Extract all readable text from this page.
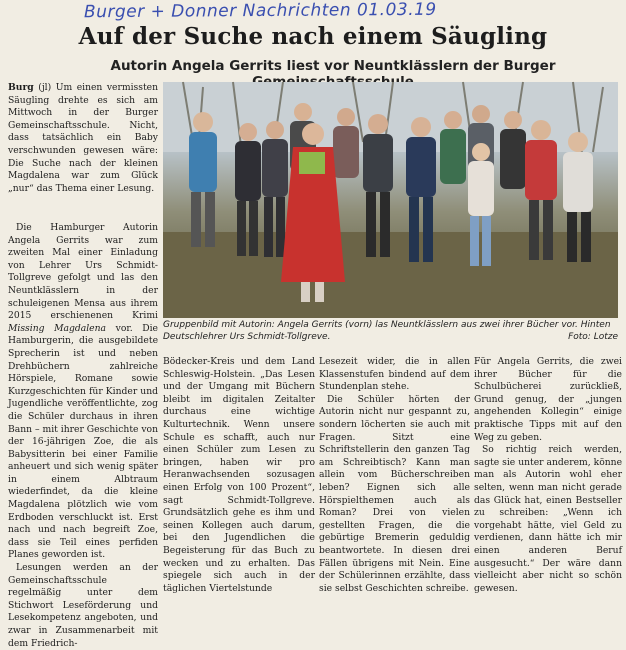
Burger + Donner Nachrichten 01.03.19
Auf der Suche nach einem Säugling
Autorin Angela Gerrits liest vor Neuntklässlern der Burger

Burg (jl) Um einen vermissten Säugling drehte es sich am Mittwoch in der Burger Gemeinschaftsschule. Nicht, dass tatsächlich ein Baby verschwunden gewesen wäre: Die Suche nach der kleinen Magdalena war zum Glück „nur“ das Thema einer Lesung.

Gruppenbild mit Autorin: Angela Gerrits (vorn) las Neuntklässlern aus zwei ihrer Bücher vor. Hinten Deutschlehrer Urs Schmidt-Tollgreve.	Foto: Lotze

Die Hamburger Autorin Angela Gerrits war zum zweiten Mal einer Einladung von Lehrer Urs Schmidt-Tollgreve gefolgt und las den Neuntklässlern in der schuleigenen Mensa aus ihrem 2015 erschienenen Krimi Missing Magdalena vor. Die Hamburgerin, die ausgebildete Sprecherin ist und neben Drehbüchern zahlreiche Hörspiele, Romane sowie Kurzgeschichten für Kinder und Jugendliche veröffentlichte, zog die Schüler durchaus in ihren Bann – mit ihrer Geschichte von der 16-jährigen Zoe, die als Babysitterin bei einer Familie anheuert und sich wenig später in einem Albtraum wiederfindet, da die kleine Magdalena plötzlich wie vom Erdboden verschluckt ist. Erst nach und nach begreift Zoe, dass sie Teil eines perfiden Planes geworden ist.

Lesungen werden an der Gemeinschaftsschule regelmäßig unter dem Stichwort Leseförderung und Lesekompetenz angeboten, und zwar in Zusammenarbeit mit dem Friedrich-

Bödecker-Kreis und dem Land Schleswig-Holstein. „Das Lesen und der Umgang mit Büchern bleibt im digitalen Zeitalter durchaus eine wichtige Kulturtechnik. Wenn unsere Schule es schafft, auch nur einen Schüler zum Lesen zu bringen, haben wir pro Heranwachsenden sozusagen einen Erfolg von 100 Prozent“, sagt Schmidt-Tollgreve. Grundsätzlich gehe es ihm und seinen Kollegen auch darum, bei den Jugendlichen die Begeisterung für das Buch zu wecken und zu erhalten. Das spiegele sich auch in der täglichen Viertelstunde

Lesezeit wider, die in allen Klassenstufen bindend auf dem Stundenplan stehe.

Die Schüler hörten der Autorin nicht nur gespannt zu, sondern löcherten sie auch mit Fragen. Sitzt eine Schriftstellerin den ganzen Tag am Schreibtisch? Kann man allein vom Bücherschreiben leben? Eignen sich alle Hörspielthemen auch als Roman? Drei von vielen gestellten Fragen, die die gebürtige Bremerin geduldig beantwortete. In diesen drei Fällen übrigens mit Nein. Eine der Schülerinnen erzählte, dass sie selbst Geschichten schreibe.

Für Angela Gerrits, die zwei ihrer Bücher für die Schulbücherei zurückließ, Grund genug, der „jungen angehenden Kollegin“ einige praktische Tipps mit auf den Weg zu geben.

So richtig reich werden, sagte sie unter anderem, könne man als Autorin wohl eher selten, wenn man nicht gerade das Glück hat, einen Bestseller zu schreiben: „Wenn ich vorgehabt hätte, viel Geld zu verdienen, dann hätte ich mir einen anderen Beruf ausgesucht.“ Der wäre dann vielleicht aber nicht so schön gewesen.
